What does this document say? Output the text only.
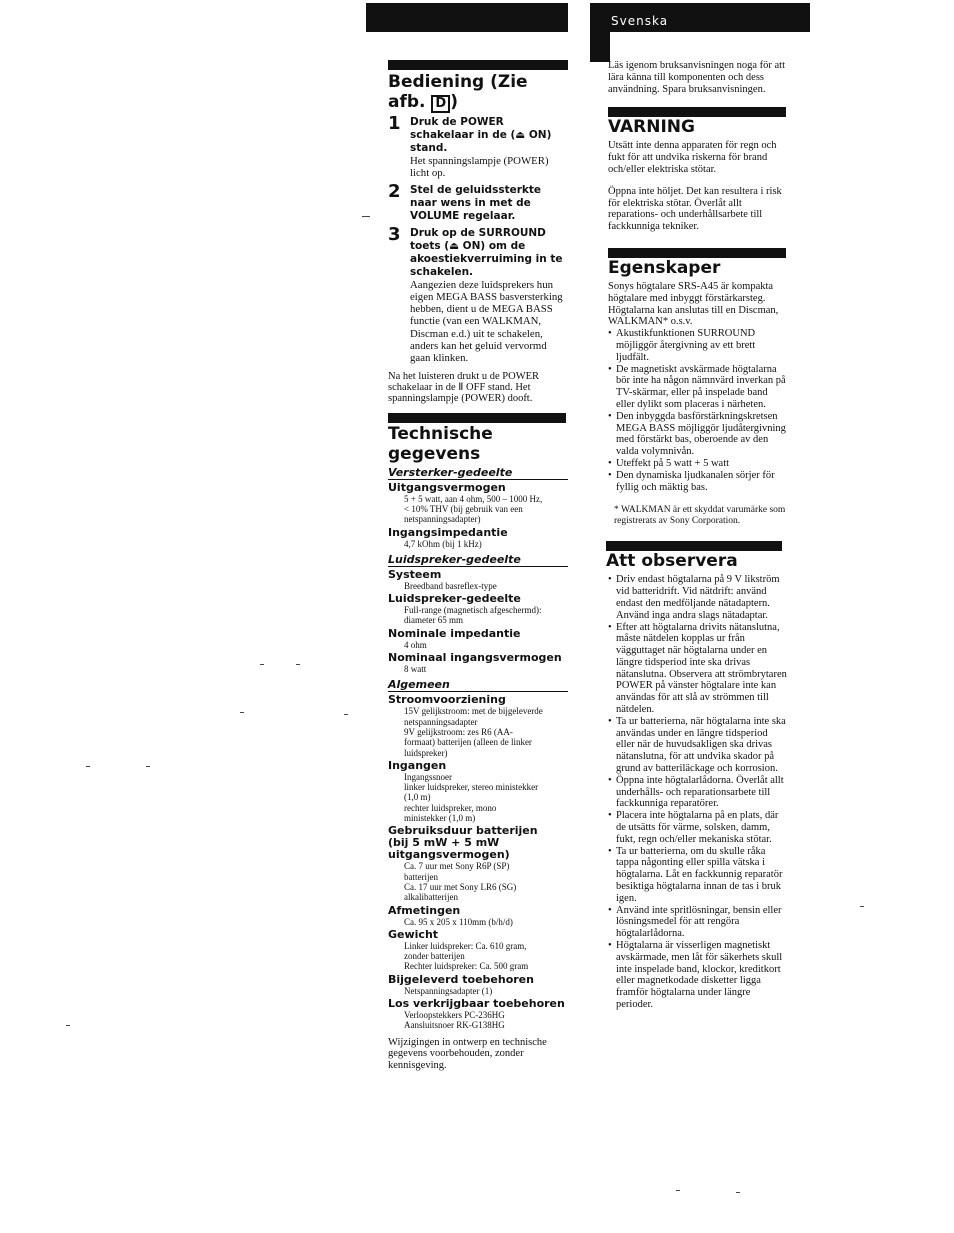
Svenska
Bediening (Zie afb. D )
1 Druk de POWER schakelaar in de (⏏ ON) stand.
Het spanningslampje (POWER) licht op.
2 Stel de geluidssterkte naar wens in met de VOLUME regelaar.
3 Druk op de SURROUND toets (⏏ ON) om de akoestiekverruiming in te schakelen.
Aangezien deze luidsprekers hun eigen MEGA BASS basversterking hebben, dient u de MEGA BASS functie (van een WALKMAN, Discman e.d.) uit te schakelen, anders kan het geluid vervormd gaan klinken.
Na het luisteren drukt u de POWER schakelaar in de Ⅱ OFF stand. Het spanningslampje (POWER) dooft.
Technische gegevens
Versterker-gedeelte
Uitgangsvermogen
5 + 5 watt, aan 4 ohm, 500 – 1000 Hz,
< 10% THV (bij gebruik van een
netspanningsadapter)
Ingangsimpedantie
4,7 kOhm (bij 1 kHz)
Luidspreker-gedeelte
Systeem
Breedband basreflex-type
Luidspreker-gedeelte
Full-range (magnetisch afgeschermd):
diameter 65 mm
Nominale impedantie
4 ohm
Nominaal ingangsvermogen
8 watt
Algemeen
Stroomvoorziening
15V gelijkstroom: met de bijgeleverde
netspanningsadapter
9V gelijkstroom: zes R6 (AA-
formaat) batterijen (alleen de linker
luidspreker)
Ingangen
Ingangssnoer
linker luidspreker, stereo ministekker
(1,0 m)
rechter luidspreker, mono
ministekker (1,0 m)
Gebruiksduur batterijen
(bij 5 mW + 5 mW
uitgangsvermogen)
Ca. 7 uur met Sony R6P (SP)
batterijen
Ca. 17 uur met Sony LR6 (SG)
alkalibatterijen
Afmetingen
Ca. 95 x 205 x 110mm (b/h/d)
Gewicht
Linker luidspreker: Ca. 610 gram,
zonder batterijen
Rechter luidspreker: Ca. 500 gram
Bijgeleverd toebehoren
Netspanningsadapter (1)
Los verkrijgbaar toebehoren
Verloopstekkers PC-236HG
Aansluitsnoer RK-G138HG
Wijzigingen in ontwerp en technische gegevens voorbehouden, zonder kennisgeving.
Läs igenom bruksanvisningen noga för att lära känna till komponenten och dess användning. Spara bruksanvisningen.
VARNING
Utsätt inte denna apparaten för regn och fukt för att undvika riskerna för brand och/eller elektriska stötar.
Öppna inte höljet. Det kan resultera i risk för elektriska stötar. Överlåt allt reparations- och underhållsarbete till fackkunniga tekniker.
Egenskaper
Sonys högtalare SRS-A45 är kompakta högtalare med inbyggt förstärkarsteg. Högtalarna kan anslutas till en Discman, WALKMAN* o.s.v.
• Akustikfunktionen SURROUND möjliggör återgivning av ett brett ljudfält.
• De magnetiskt avskärmade högtalarna bör inte ha någon nämnvärd inverkan på TV-skärmar, eller på inspelade band eller dylikt som placeras i närheten.
• Den inbyggda basförstärkningskretsen MEGA BASS möjliggör ljudåtergivning med förstärkt bas, oberoende av den valda volymnivån.
• Uteffekt på 5 watt + 5 watt
• Den dynamiska ljudkanalen sörjer för fyllig och mäktig bas.
* WALKMAN är ett skyddat varumärke som registrerats av Sony Corporation.
Att observera
• Driv endast högtalarna på 9 V likström vid batteridrift. Vid nätdrift: använd endast den medföljande nätadaptern. Använd inga andra slags nätadaptar.
• Efter att högtalarna drivits nätanslutna, måste nätdelen kopplas ur från vägguttaget när högtalarna under en längre tidsperiod inte ska drivas nätanslutna. Observera att strömbrytaren POWER på vänster högtalare inte kan användas för att slå av strömmen till nätdelen.
• Ta ur batterierna, när högtalarna inte ska användas under en längre tidsperiod eller när de huvudsakligen ska drivas nätanslutna, för att undvika skador på grund av batteriläckage och korrosion.
• Öppna inte högtalarlådorna. Överlåt allt underhålls- och reparationsarbete till fackkunniga reparatörer.
• Placera inte högtalarna på en plats, där de utsätts för värme, solsken, damm, fukt, regn och/eller mekaniska stötar.
• Ta ur batterierna, om du skulle råka tappa någonting eller spilla vätska i högtalarna. Låt en fackkunnig reparatör besiktiga högtalarna innan de tas i bruk igen.
• Använd inte spritlösningar, bensin eller lösningsmedel för att rengöra högtalarlådorna.
• Högtalarna är visserligen magnetiskt avskärmade, men låt för säkerhets skull inte inspelade band, klockor, kreditkort eller magnetkodade disketter ligga framför högtalarna under längre perioder.
